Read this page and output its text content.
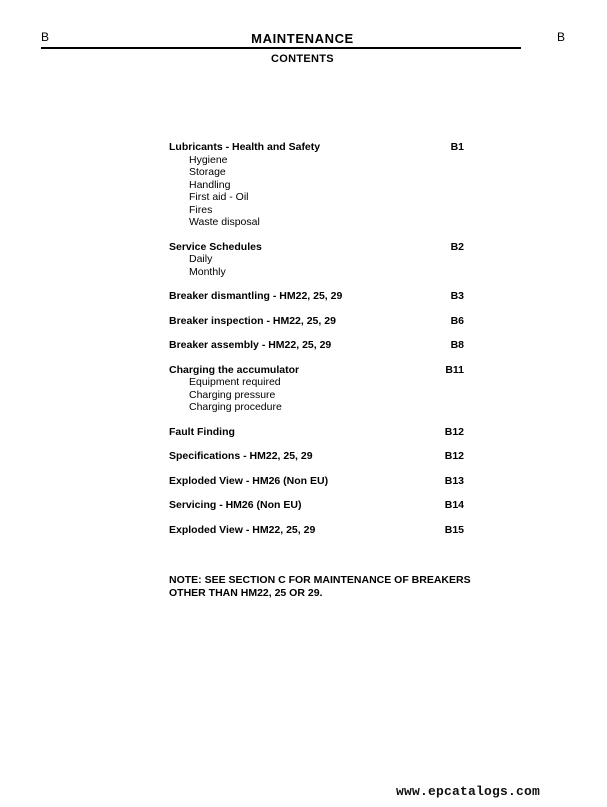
B	B
MAINTENANCE
CONTENTS
Lubricants - Health and Safety	B1
Hygiene
Storage
Handling
First aid - Oil
Fires
Waste disposal
Service Schedules	B2
Daily
Monthly
Breaker dismantling - HM22, 25, 29	B3
Breaker inspection - HM22, 25, 29	B6
Breaker assembly - HM22, 25, 29	B8
Charging the accumulator	B11
Equipment required
Charging pressure
Charging procedure
Fault Finding	B12
Specifications - HM22, 25, 29	B12
Exploded View - HM26 (Non EU)	B13
Servicing - HM26 (Non EU)	B14
Exploded View - HM22, 25, 29	B15
NOTE: SEE SECTION C FOR MAINTENANCE OF BREAKERS
OTHER THAN HM22, 25 OR 29.
www.epcatalogs.com
